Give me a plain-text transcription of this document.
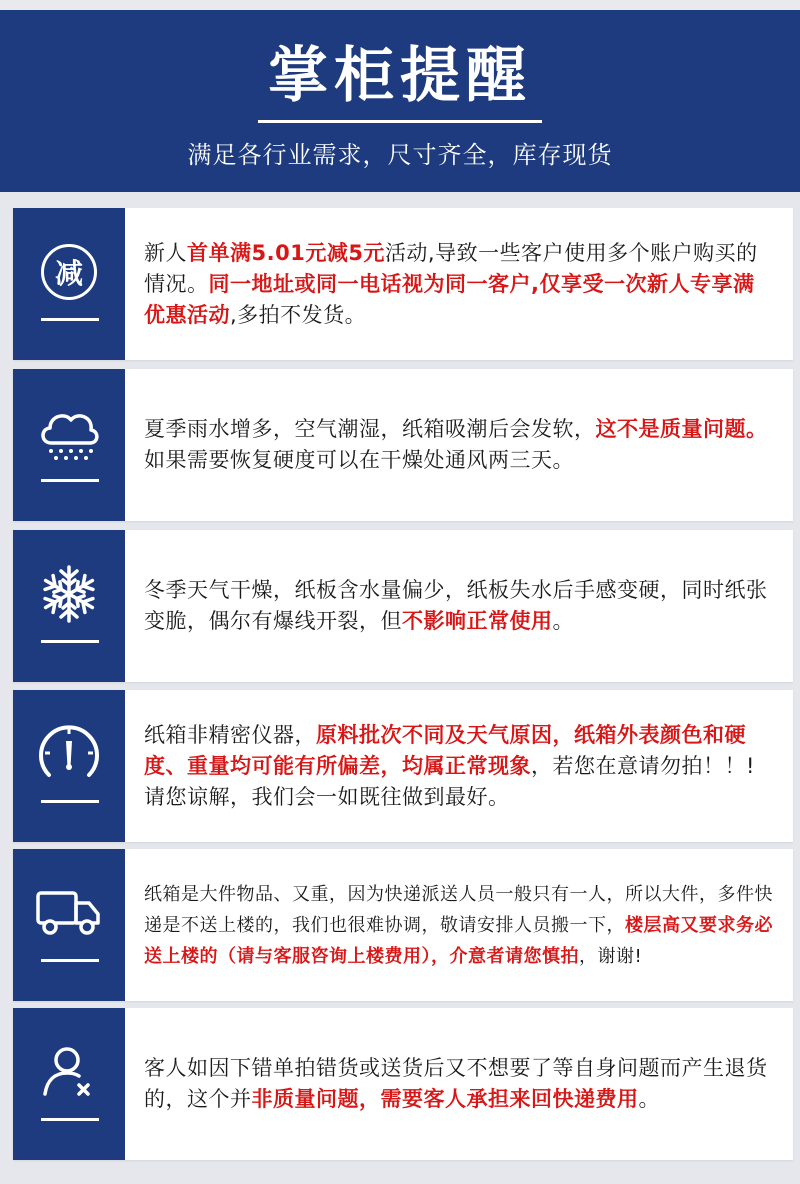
掌柜提醒
满足各行业需求，尺寸齐全，库存现货
减
新人首单满5.01元减5元活动,导致一些客户使用多个账户购买的情况。同一地址或同一电话视为同一客户,仅享受一次新人专享满优惠活动,多拍不发货。
夏季雨水增多，空气潮湿，纸箱吸潮后会发软，这不是质量问题。如果需要恢复硬度可以在干燥处通风两三天。
冬季天气干燥，纸板含水量偏少，纸板失水后手感变硬，同时纸张变脆，偶尔有爆线开裂，但不影响正常使用。
纸箱非精密仪器，原料批次不同及天气原因，纸箱外表颜色和硬度、重量均可能有所偏差，均属正常现象，若您在意请勿拍！！!请您谅解，我们会一如既往做到最好。
纸箱是大件物品、又重，因为快递派送人员一般只有一人，所以大件，多件快递是不送上楼的，我们也很难协调，敬请安排人员搬一下，楼层高又要求务必送上楼的（请与客服咨询上楼费用），介意者请您慎拍，谢谢!
客人如因下错单拍错货或送货后又不想要了等自身问题而产生退货的，这个并非质量问题，需要客人承担来回快递费用。
